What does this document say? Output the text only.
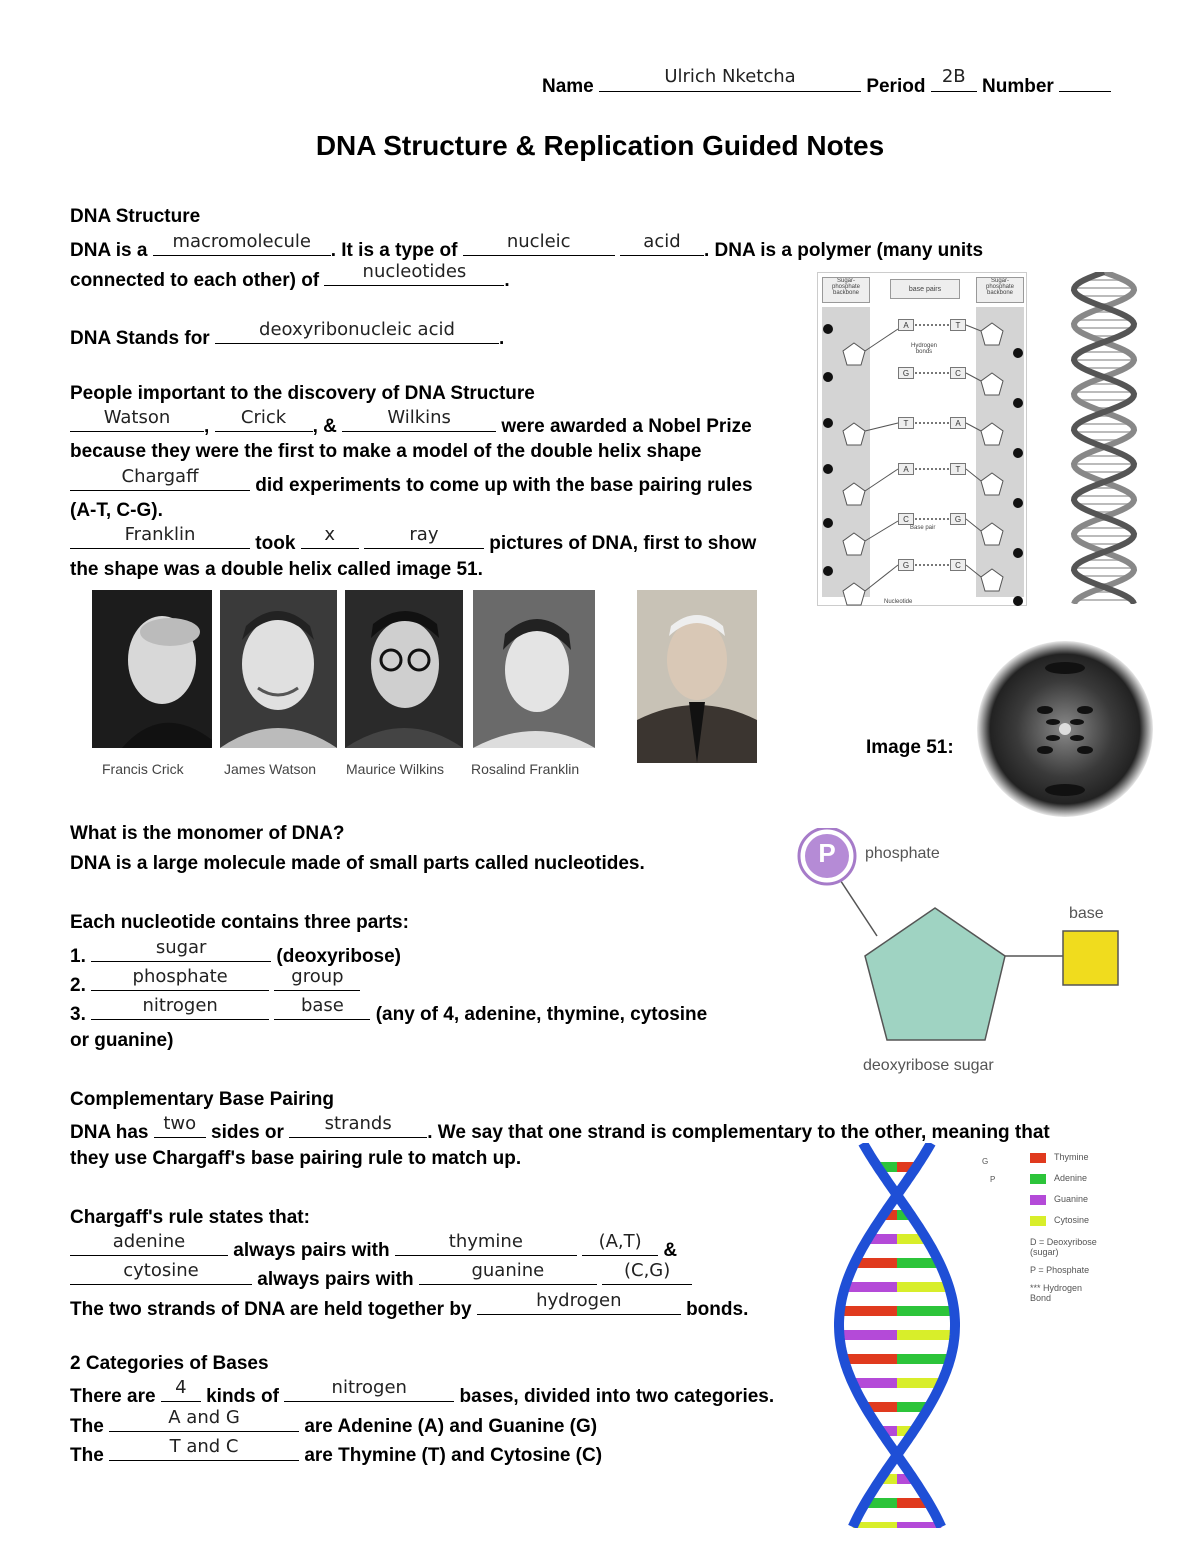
Name	Ulrich Nketcha	Period 2B Number
DNA Structure & Replication Guided Notes
DNA Structure
DNA is a	macromolecule	. It is a type of	nucleic
	acid	. DNA is a polymer (many units
connected to each other) of	nucleotides	.
DNA Stands for	deoxyribonucleic acid	.
People important to the discovery of DNA Structure
Watson	,	Crick	, &	Wilkins	were awarded a Nobel Prize
because they were the first to make a model of the double helix shape
Chargaff	did experiments to come up with the base pairing rules
(A-T, C-G).
Franklin	took	x
	ray	pictures of DNA, first to show
the shape was a double helix called image 51.
Francis Crick	James Watson Maurice Wilkins Rosalind Franklin
Sugar-phosphate backbone	base pairs
Sugar-phosphate backbone
A	T
G	C
T	A
A	T
C	G
G	C
Hydrogen bonds
Base pair
Nucleotide
Image 51:
What is the monomer of DNA?
DNA is a large molecule made of small parts called nucleotides.
Each nucleotide contains three parts:
1.	sugar	(deoxyribose)
2.	phosphate
	group
3.	nitrogen
	base	(any of 4, adenine, thymine, cytosine
or guanine)
P	phosphate
base
deoxyribose sugar
Complementary Base Pairing
DNA has two sides or	strands	. We say that one strand is complementary to the other, meaning that
they use Chargaff's base pairing rule to match up.
Chargaff's rule states that:
adenine	always pairs with	thymine
	(A,T)	&
cytosine	always pairs with	guanine
	(C,G)
The two strands of DNA are held together by	hydrogen	bonds.
2 Categories of Bases
There are	4	kinds of	nitrogen	bases, divided into two categories.
The	A and G	are Adenine (A) and Guanine (G)
The	T and C	are Thymine (T) and Cytosine (C)
G
P
Thymine
Adenine
Guanine
Cytosine
D = Deoxyribose (sugar)
P = Phosphate
*** Hydrogen Bond
